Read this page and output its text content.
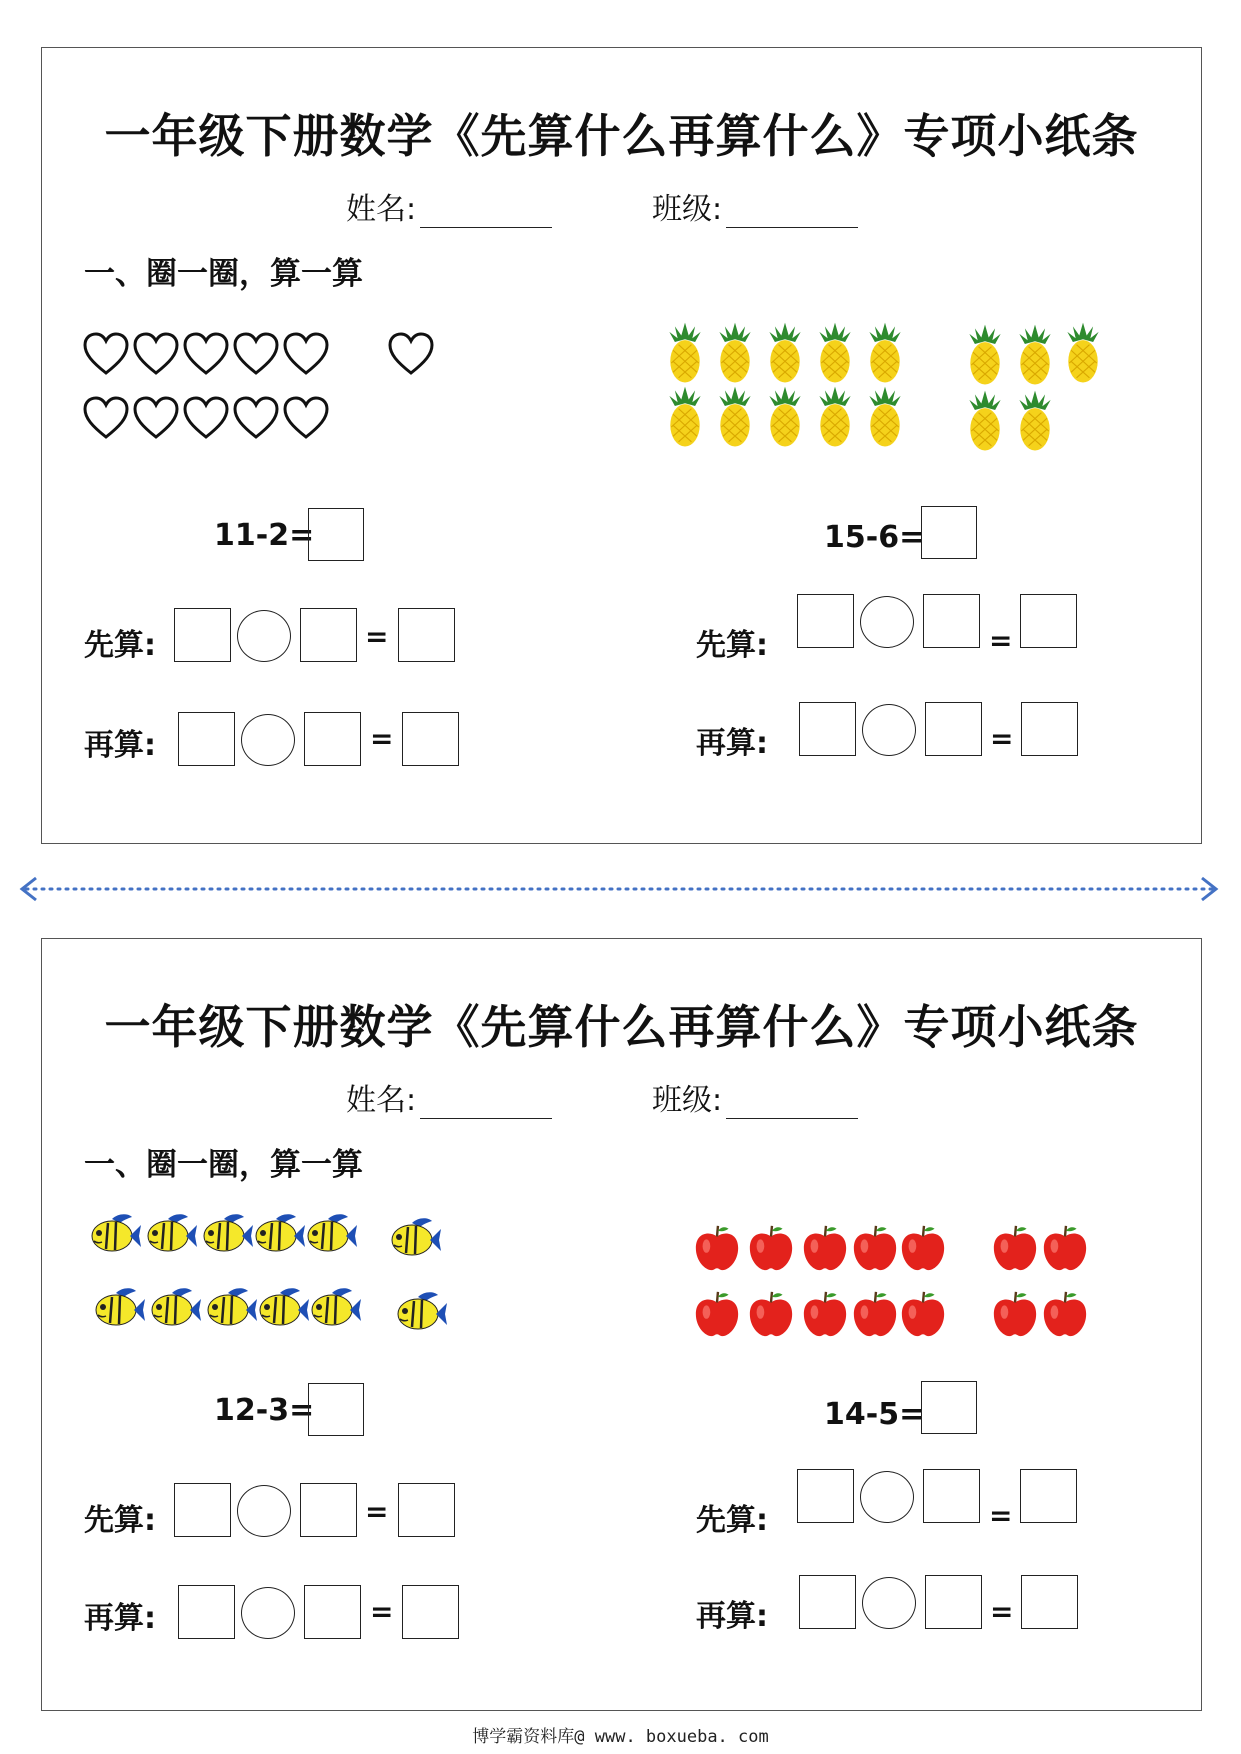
一年级下册数学《先算什么再算什么》专项小纸条
姓名:	班级:
一、圈一圈，算一算
11-2=
先算:	=
再算:	=
15-6=
先算:	=
再算:	=
一年级下册数学《先算什么再算什么》专项小纸条
姓名:	班级:
一、圈一圈，算一算
12-3=
先算:	=
再算:	=
14-5=
先算:	=
再算:	=
博学霸资料库@ www. boxueba. com
